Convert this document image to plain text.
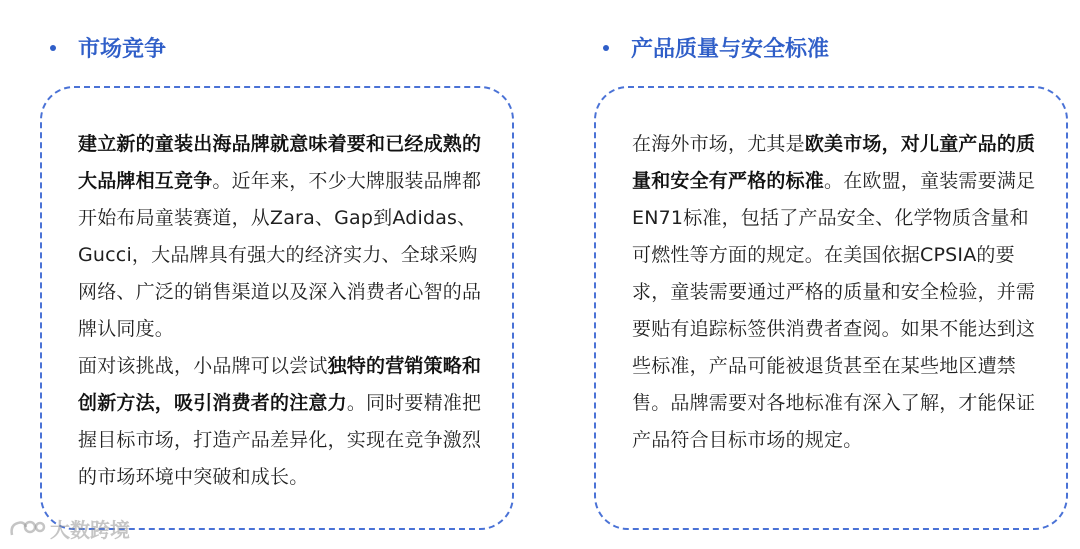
市场竞争	产品质量与安全标准

建立新的童装出海品牌就意味着要和已经成熟的大品牌相互竞争。近年来，不少大牌服装品牌都开始布局童装赛道，从Zara、Gap到Adidas、Gucci，大品牌具有强大的经济实力、全球采购网络、广泛的销售渠道以及深入消费者心智的品牌认同度。

面对该挑战，小品牌可以尝试独特的营销策略和创新方法，吸引消费者的注意力。同时要精准把握目标市场，打造产品差异化，实现在竞争激烈的市场环境中突破和成长。

在海外市场，尤其是欧美市场，对儿童产品的质量和安全有严格的标准。在欧盟，童装需要满足EN71标准，包括了产品安全、化学物质含量和可燃性等方面的规定。在美国依据CPSIA的要求，童装需要通过严格的质量和安全检验，并需要贴有追踪标签供消费者查阅。如果不能达到这些标准，产品可能被退货甚至在某些地区遭禁售。品牌需要对各地标准有深入了解，才能保证产品符合目标市场的规定。

大数跨境
